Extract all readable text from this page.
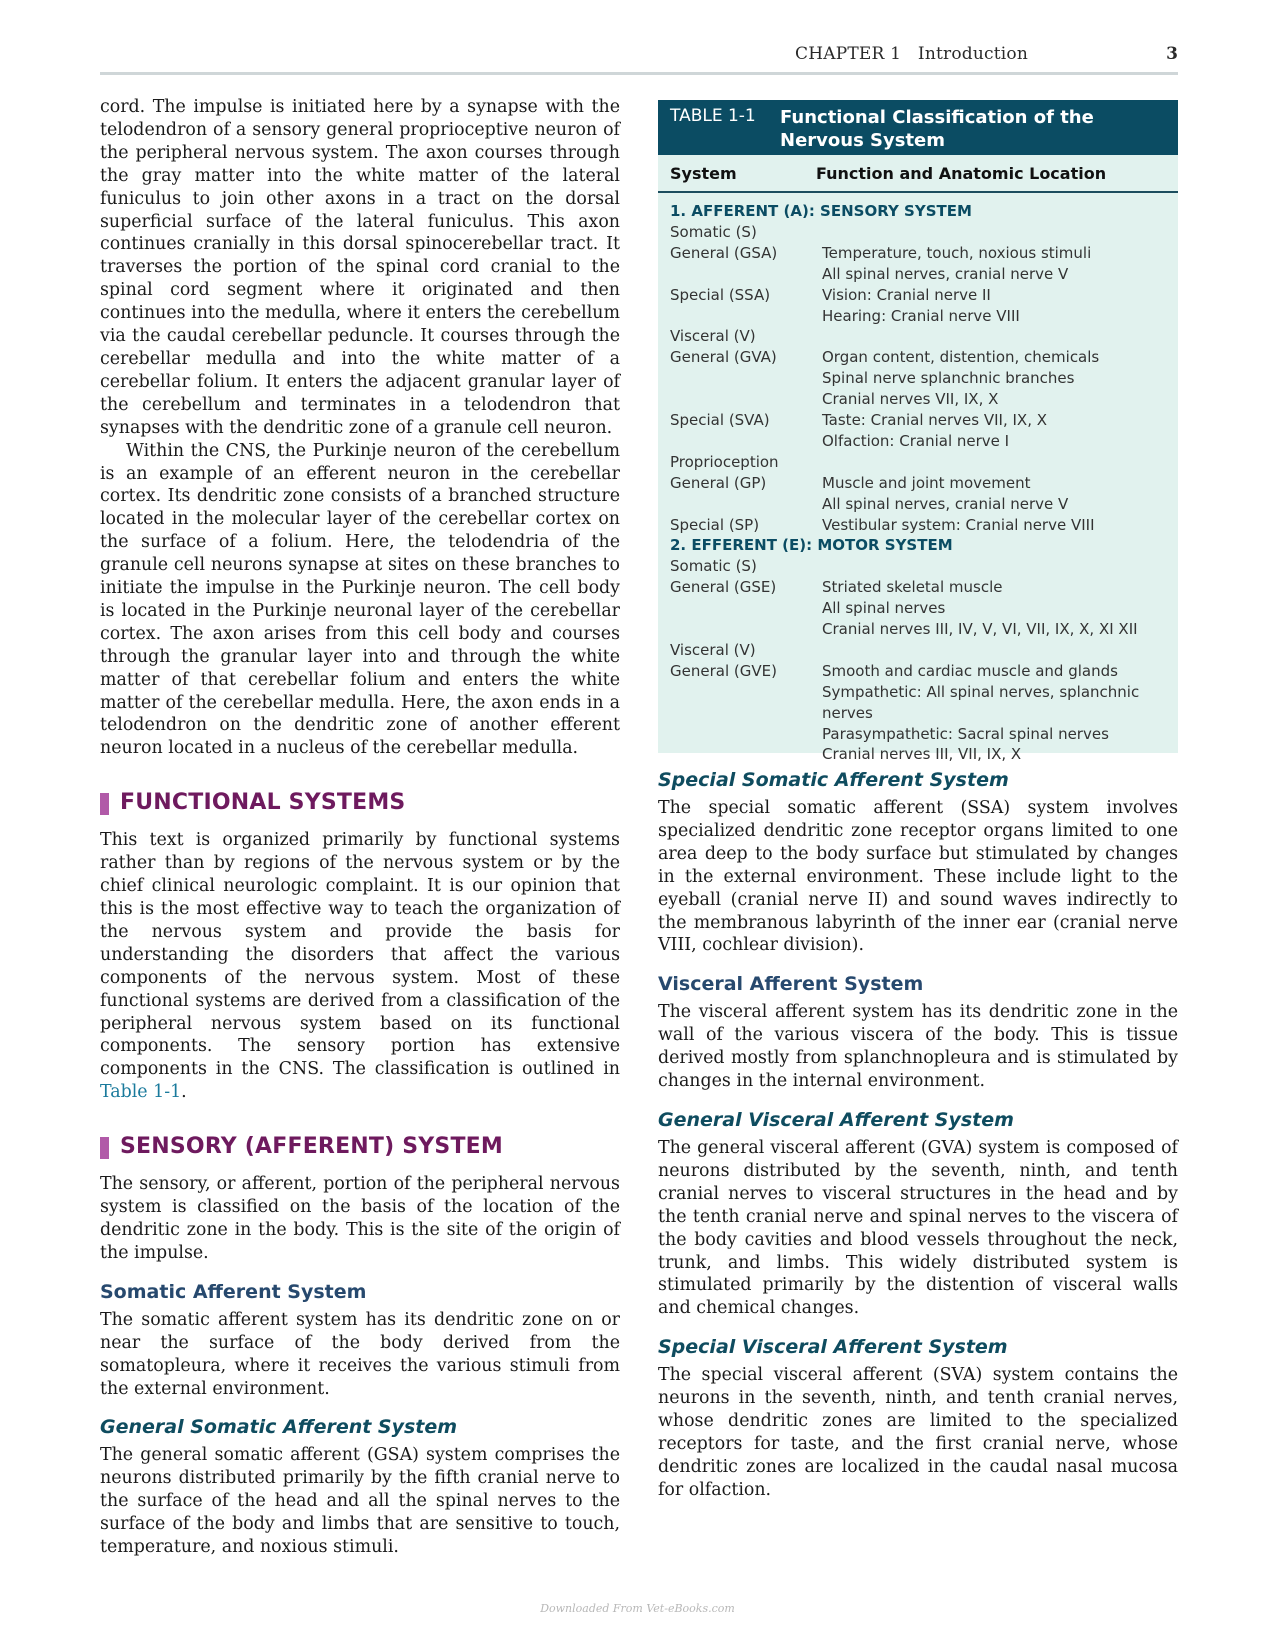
CHAPTER 1   Introduction	3

cord. The impulse is initiated here by a synapse with the telodendron of a sensory general proprioceptive neuron of the peripheral nervous system. The axon courses through the gray matter into the white matter of the lateral funiculus to join other axons in a tract on the dorsal superficial surface of the lateral funiculus. This axon continues cranially in this dorsal spinocerebellar tract. It traverses the portion of the spinal cord cranial to the spinal cord segment where it originated and then continues into the medulla, where it enters the cerebellum via the caudal cerebellar peduncle. It courses through the cerebellar medulla and into the white matter of a cerebellar folium. It enters the adjacent granular layer of the cerebellum and terminates in a telodendron that synapses with the dendritic zone of a granule cell neuron.

Within the CNS, the Purkinje neuron of the cerebellum is an example of an efferent neuron in the cerebellar cortex. Its dendritic zone consists of a branched structure located in the molecular layer of the cerebellar cortex on the surface of a folium. Here, the telodendria of the granule cell neurons synapse at sites on these branches to initiate the impulse in the Purkinje neuron. The cell body is located in the Purkinje neuronal layer of the cerebellar cortex. The axon arises from this cell body and courses through the granular layer into and through the white matter of that cerebellar folium and enters the white matter of the cerebellar medulla. Here, the axon ends in a telodendron on the dendritic zone of another efferent neuron located in a nucleus of the cerebellar medulla.

FUNCTIONAL SYSTEMS

This text is organized primarily by functional systems rather than by regions of the nervous system or by the chief clinical neurologic complaint. It is our opinion that this is the most effective way to teach the organization of the nervous system and provide the basis for understanding the disorders that affect the various components of the nervous system. Most of these functional systems are derived from a classification of the peripheral nervous system based on its functional components. The sensory portion has extensive components in the CNS. The classification is outlined in Table 1-1.

SENSORY (AFFERENT) SYSTEM

The sensory, or afferent, portion of the peripheral nervous system is classified on the basis of the location of the dendritic zone in the body. This is the site of the origin of the impulse.

Somatic Afferent System

The somatic afferent system has its dendritic zone on or near the surface of the body derived from the somatopleura, where it receives the various stimuli from the external environment.

General Somatic Afferent System

The general somatic afferent (GSA) system comprises the neurons distributed primarily by the fifth cranial nerve to the surface of the head and all the spinal nerves to the surface of the body and limbs that are sensitive to touch, temperature, and noxious stimuli.

TABLE 1-1 Functional Classification of the Nervous System
System	Function and Anatomic Location
1. AFFERENT (A): SENSORY SYSTEM
Somatic (S)
General (GSA)	Temperature, touch, noxious stimuli
All spinal nerves, cranial nerve V
Special (SSA)	Vision: Cranial nerve II
Hearing: Cranial nerve VIII
Visceral (V)
General (GVA)	Organ content, distention, chemicals
Spinal nerve splanchnic branches
Cranial nerves VII, IX, X
Special (SVA)	Taste: Cranial nerves VII, IX, X
Olfaction: Cranial nerve I
Proprioception
General (GP)	Muscle and joint movement
All spinal nerves, cranial nerve V
Special (SP)	Vestibular system: Cranial nerve VIII
2. EFFERENT (E): MOTOR SYSTEM
Somatic (S)
General (GSE)	Striated skeletal muscle
All spinal nerves
Cranial nerves III, IV, V, VI, VII, IX, X, XI XII
Visceral (V)
General (GVE)	Smooth and cardiac muscle and glands
Sympathetic: All spinal nerves, splanchnic nerves
Parasympathetic: Sacral spinal nerves
Cranial nerves III, VII, IX, X
Special Somatic Afferent System

The special somatic afferent (SSA) system involves specialized dendritic zone receptor organs limited to one area deep to the body surface but stimulated by changes in the external environment. These include light to the eyeball (cranial nerve II) and sound waves indirectly to the membranous labyrinth of the inner ear (cranial nerve VIII, cochlear division).

Visceral Afferent System

The visceral afferent system has its dendritic zone in the wall of the various viscera of the body. This is tissue derived mostly from splanchnopleura and is stimulated by changes in the internal environment.

General Visceral Afferent System

The general visceral afferent (GVA) system is composed of neurons distributed by the seventh, ninth, and tenth cranial nerves to visceral structures in the head and by the tenth cranial nerve and spinal nerves to the viscera of the body cavities and blood vessels throughout the neck, trunk, and limbs. This widely distributed system is stimulated primarily by the distention of visceral walls and chemical changes.

Special Visceral Afferent System

The special visceral afferent (SVA) system contains the neurons in the seventh, ninth, and tenth cranial nerves, whose dendritic zones are limited to the specialized receptors for taste, and the first cranial nerve, whose dendritic zones are localized in the caudal nasal mucosa for olfaction.

Downloaded From Vet-eBooks.com
